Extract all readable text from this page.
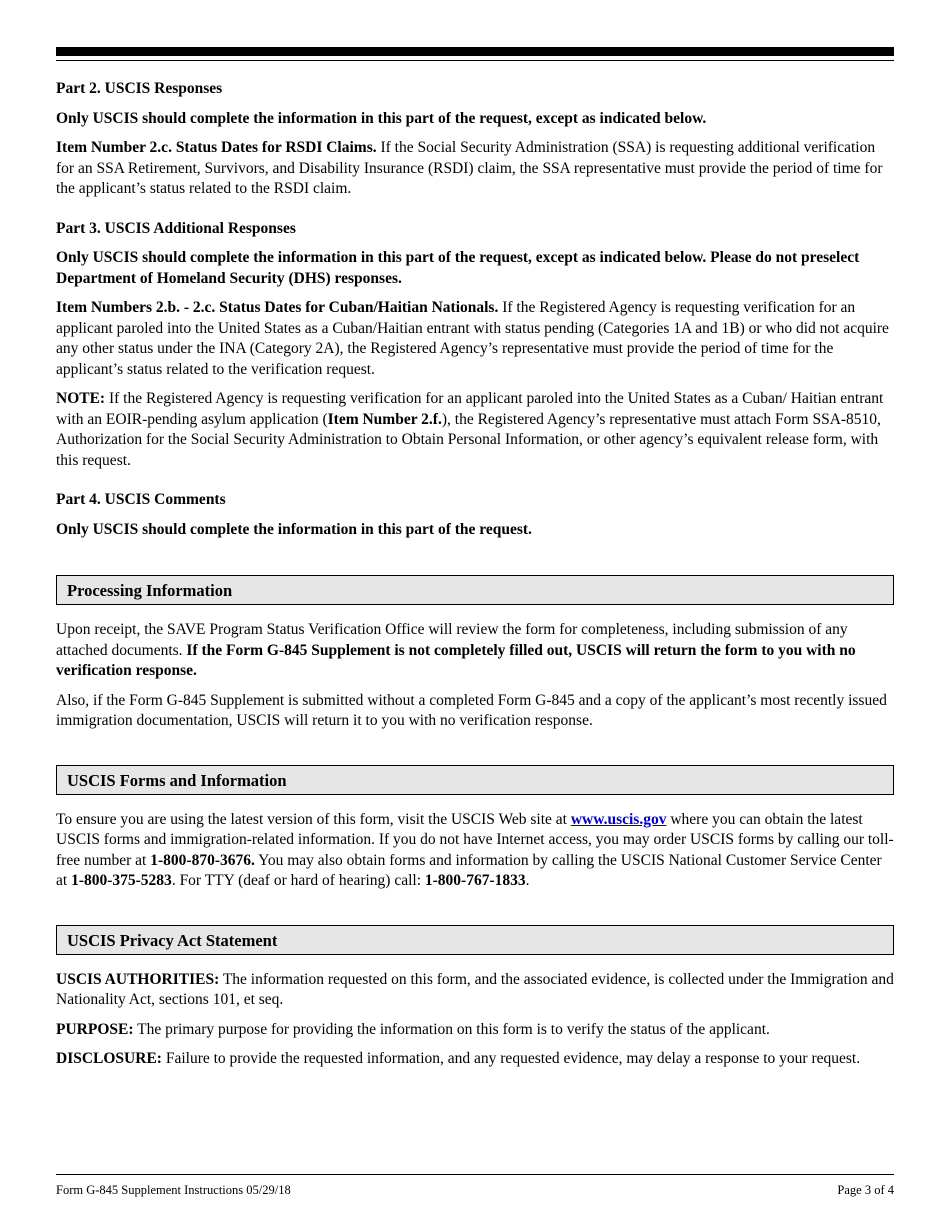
Part 2. USCIS Responses

Only USCIS should complete the information in this part of the request, except as indicated below.

Item Number 2.c. Status Dates for RSDI Claims. If the Social Security Administration (SSA) is requesting additional verification for an SSA Retirement, Survivors, and Disability Insurance (RSDI) claim, the SSA representative must provide the period of time for the applicant’s status related to the RSDI claim.

Part 3. USCIS Additional Responses

Only USCIS should complete the information in this part of the request, except as indicated below. Please do not preselect Department of Homeland Security (DHS) responses.

Item Numbers 2.b. - 2.c. Status Dates for Cuban/Haitian Nationals. If the Registered Agency is requesting verification for an applicant paroled into the United States as a Cuban/Haitian entrant with status pending (Categories 1A and 1B) or who did not acquire any other status under the INA (Category 2A), the Registered Agency’s representative must provide the period of time for the applicant’s status related to the verification request.

NOTE: If the Registered Agency is requesting verification for an applicant paroled into the United States as a Cuban/ Haitian entrant with an EOIR-pending asylum application (Item Number 2.f.), the Registered Agency’s representative must attach Form SSA-8510, Authorization for the Social Security Administration to Obtain Personal Information, or other agency’s equivalent release form, with this request.

Part 4. USCIS Comments

Only USCIS should complete the information in this part of the request.

Processing Information

Upon receipt, the SAVE Program Status Verification Office will review the form for completeness, including submission of any attached documents. If the Form G-845 Supplement is not completely filled out, USCIS will return the form to you with no verification response.

Also, if the Form G-845 Supplement is submitted without a completed Form G-845 and a copy of the applicant’s most recently issued immigration documentation, USCIS will return it to you with no verification response.

USCIS Forms and Information

To ensure you are using the latest version of this form, visit the USCIS Web site at www.uscis.gov where you can obtain the latest USCIS forms and immigration-related information. If you do not have Internet access, you may order USCIS forms by calling our toll-free number at 1-800-870-3676. You may also obtain forms and information by calling the USCIS National Customer Service Center at 1-800-375-5283. For TTY (deaf or hard of hearing) call: 1-800-767-1833.

USCIS Privacy Act Statement

USCIS AUTHORITIES: The information requested on this form, and the associated evidence, is collected under the Immigration and Nationality Act, sections 101, et seq.

PURPOSE: The primary purpose for providing the information on this form is to verify the status of the applicant.

DISCLOSURE: Failure to provide the requested information, and any requested evidence, may delay a response to your request.

Form G-845 Supplement Instructions 05/29/18	Page 3 of 4
